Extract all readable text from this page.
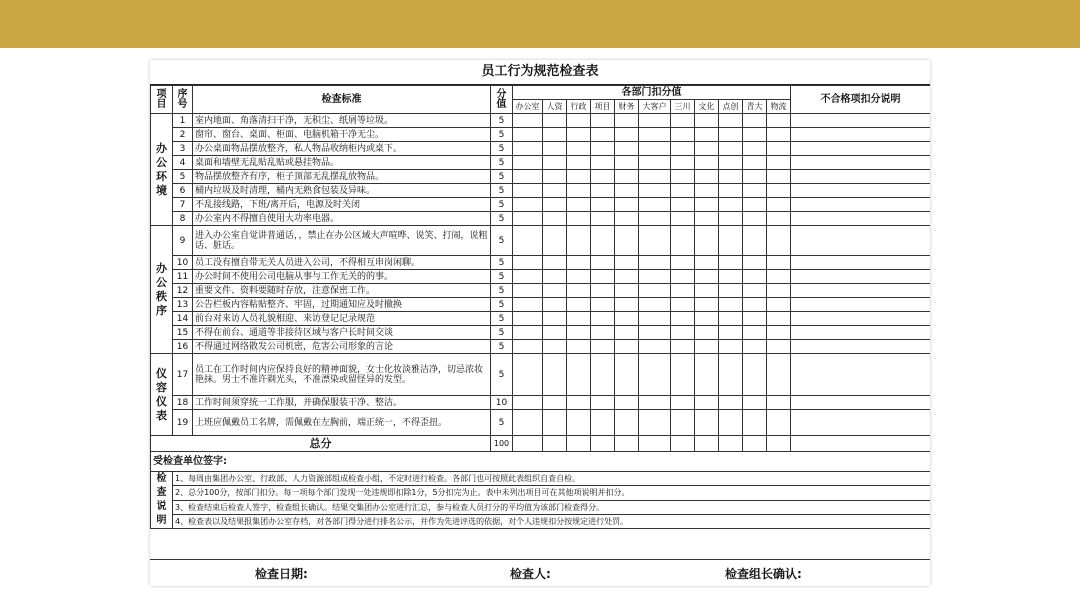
员工行为规范检查表
项目	序号	检查标准	分值	各部门扣分值											不合格项扣分说明
				办公室	人资	行政	项目	财务	大客户	三川	文化	点创	青大	物流	
办公环境	1	室内地面、角落清扫干净，无积尘、纸屑等垃圾。	5												
	2	窗帘、窗台、桌面、柜面、电脑机箱干净无尘。	5												
	3	办公桌面物品摆放整齐，私人物品收纳柜内或桌下。	5												
	4	桌面和墙壁无乱贴乱贴或悬挂物品。	5												
	5	物品摆放整齐有序，柜子顶部无乱摆乱放物品。	5												
	6	桶内垃圾及时清理，桶内无熟食包装及异味。	5												
	7	不乱接线路，下班/离开后，电源及时关闭	5												
	8	办公室内不得擅自使用大功率电器。	5												
办公秩序	9	进入办公室自觉讲普通话，，禁止在办公区域大声喧哗、说笑、打闹，说粗话、脏话。	5												
	10	员工没有擅自带无关人员进入公司，不得相互串岗闲聊。	5												
	11	办公时间不使用公司电脑从事与工作无关的的事。	5												
	12	重要文件、资料要随时存放，注意保密工作。	5												
	13	公告栏板内容粘贴整齐、牢固，过期通知应及时撤换	5												
	14	前台对来访人员礼貌相迎、来访登记记录规范	5												
	15	不得在前台、通道等非接待区域与客户长时间交谈	5												
	16	不得通过网络散发公司机密，危害公司形象的言论	5												
仪容仪表	17	员工在工作时间内应保持良好的精神面貌，女士化妆淡雅洁净，切忌浓妆艳抹。男士不准许剃光头，不准漂染或留怪异的发型。	5												
	18	工作时间须穿统一工作服，并确保服装干净、整洁。	10												
	19	上班应佩戴员工名牌，需佩戴在左胸前，端正统一，不得歪扭。	5												
总分			100												
受检查单位签字:															
检查说明	1、每周由集团办公室、行政部、人力资源部组成检查小组，不定时进行检查。各部门也可按照此表组织自查自检。														
	2、总分100分，按部门扣分。每一项每个部门发现一处违规即扣除1分，5分扣完为止。表中未列出项目可在其他项说明并扣分。														
	3、检查结束后检查人签字，检查组长确认。结果交集团办公室进行汇总，参与检查人员打分的平均值为该部门检查得分。														
	4、检查表以及结果报集团办公室存档，对各部门得分进行排名公示，并作为先进评选的依据，对个人违规扣分按规定进行处罚。														
检查日期:	检查人:	检查组长确认:
